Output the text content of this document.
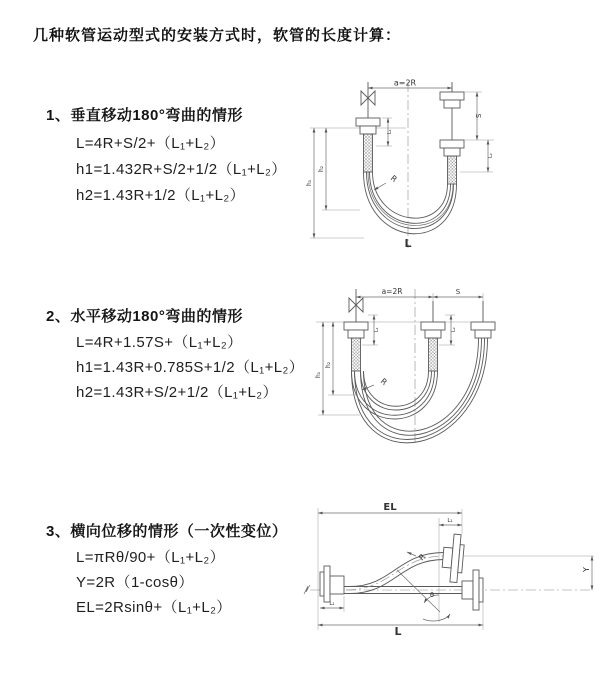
几种软管运动型式的安装方式时，软管的长度计算：
1、垂直移动180°弯曲的情形
L=4R+S/2+（L₁+L₂）
h1=1.432R+S/2+1/2（L₁+L₂）
h2=1.43R+1/2（L₁+L₂）
2、水平移动180°弯曲的情形
L=4R+1.57S+（L₁+L₂）
h1=1.43R+0.785S+1/2（L₁+L₂）
h2=1.43R+S/2+1/2（L₁+L₂）
3、横向位移的情形（一次性变位）
L=πRθ/90+（L₁+L₂）
Y=2R（1-cosθ）
EL=2Rsinθ+（L₁+L₂）
a=2R
R
h₁
h₂
S
L₂
L₁
L
a=2R	S
R
h₁
h₂
L₁	L₂
EL
L₁
θ
R
Y
L₁
L
